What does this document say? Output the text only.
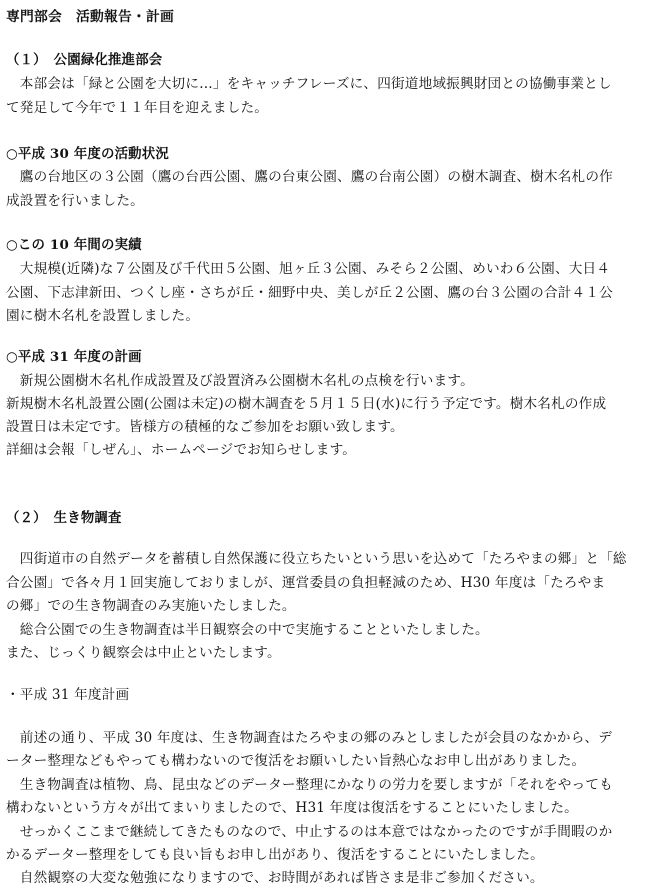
専門部会　活動報告・計画
（１）　公園緑化推進部会
　本部会は「緑と公園を大切に…」をキャッチフレーズに、四街道地域振興財団との協働事業とし
て発足して今年で１１年目を迎えました。
○平成 30 年度の活動状況
　鷹の台地区の３公園（鷹の台西公園、鷹の台東公園、鷹の台南公園）の樹木調査、樹木名札の作
成設置を行いました。
○この 10 年間の実績
　大規模(近隣)な７公園及び千代田５公園、旭ヶ丘３公園、みそら２公園、めいわ６公園、大日４
公園、下志津新田、つくし座・さちが丘・細野中央、美しが丘２公園、鷹の台３公園の合計４１公
園に樹木名札を設置しました。
○平成 31 年度の計画
　新規公園樹木名札作成設置及び設置済み公園樹木名札の点検を行います。
新規樹木名札設置公園(公園は未定)の樹木調査を５月１５日(水)に行う予定です。樹木名札の作成
設置日は未定です。皆様方の積極的なご参加をお願い致します。
詳細は会報「しぜん」、ホームページでお知らせします。
（２）　生き物調査
　四街道市の自然データを蓄積し自然保護に役立ちたいという思いを込めて「たろやまの郷」と「総
合公園」で各々月１回実施しておりましが、運営委員の負担軽減のため、H30 年度は「たろやま
の郷」での生き物調査のみ実施いたしました。
　総合公園での生き物調査は半日観察会の中で実施することといたしました。
また、じっくり観察会は中止といたします。
・平成 31 年度計画
　前述の通り、平成 30 年度は、生き物調査はたろやまの郷のみとしましたが会員のなかから、デ
ーター整理などもやっても構わないので復活をお願いしたい旨熱心なお申し出がありました。
　生き物調査は植物、鳥、昆虫などのデーター整理にかなりの労力を要しますが「それをやっても
構わないという方々が出てまいりましたので、H31 年度は復活をすることにいたしました。
　せっかくここまで継続してきたものなので、中止するのは本意ではなかったのですが手間暇のか
かるデーター整理をしても良い旨もお申し出があり、復活をすることにいたしました。
　自然観察の大変な勉強になりますので、お時間があれば皆さま是非ご参加ください。
